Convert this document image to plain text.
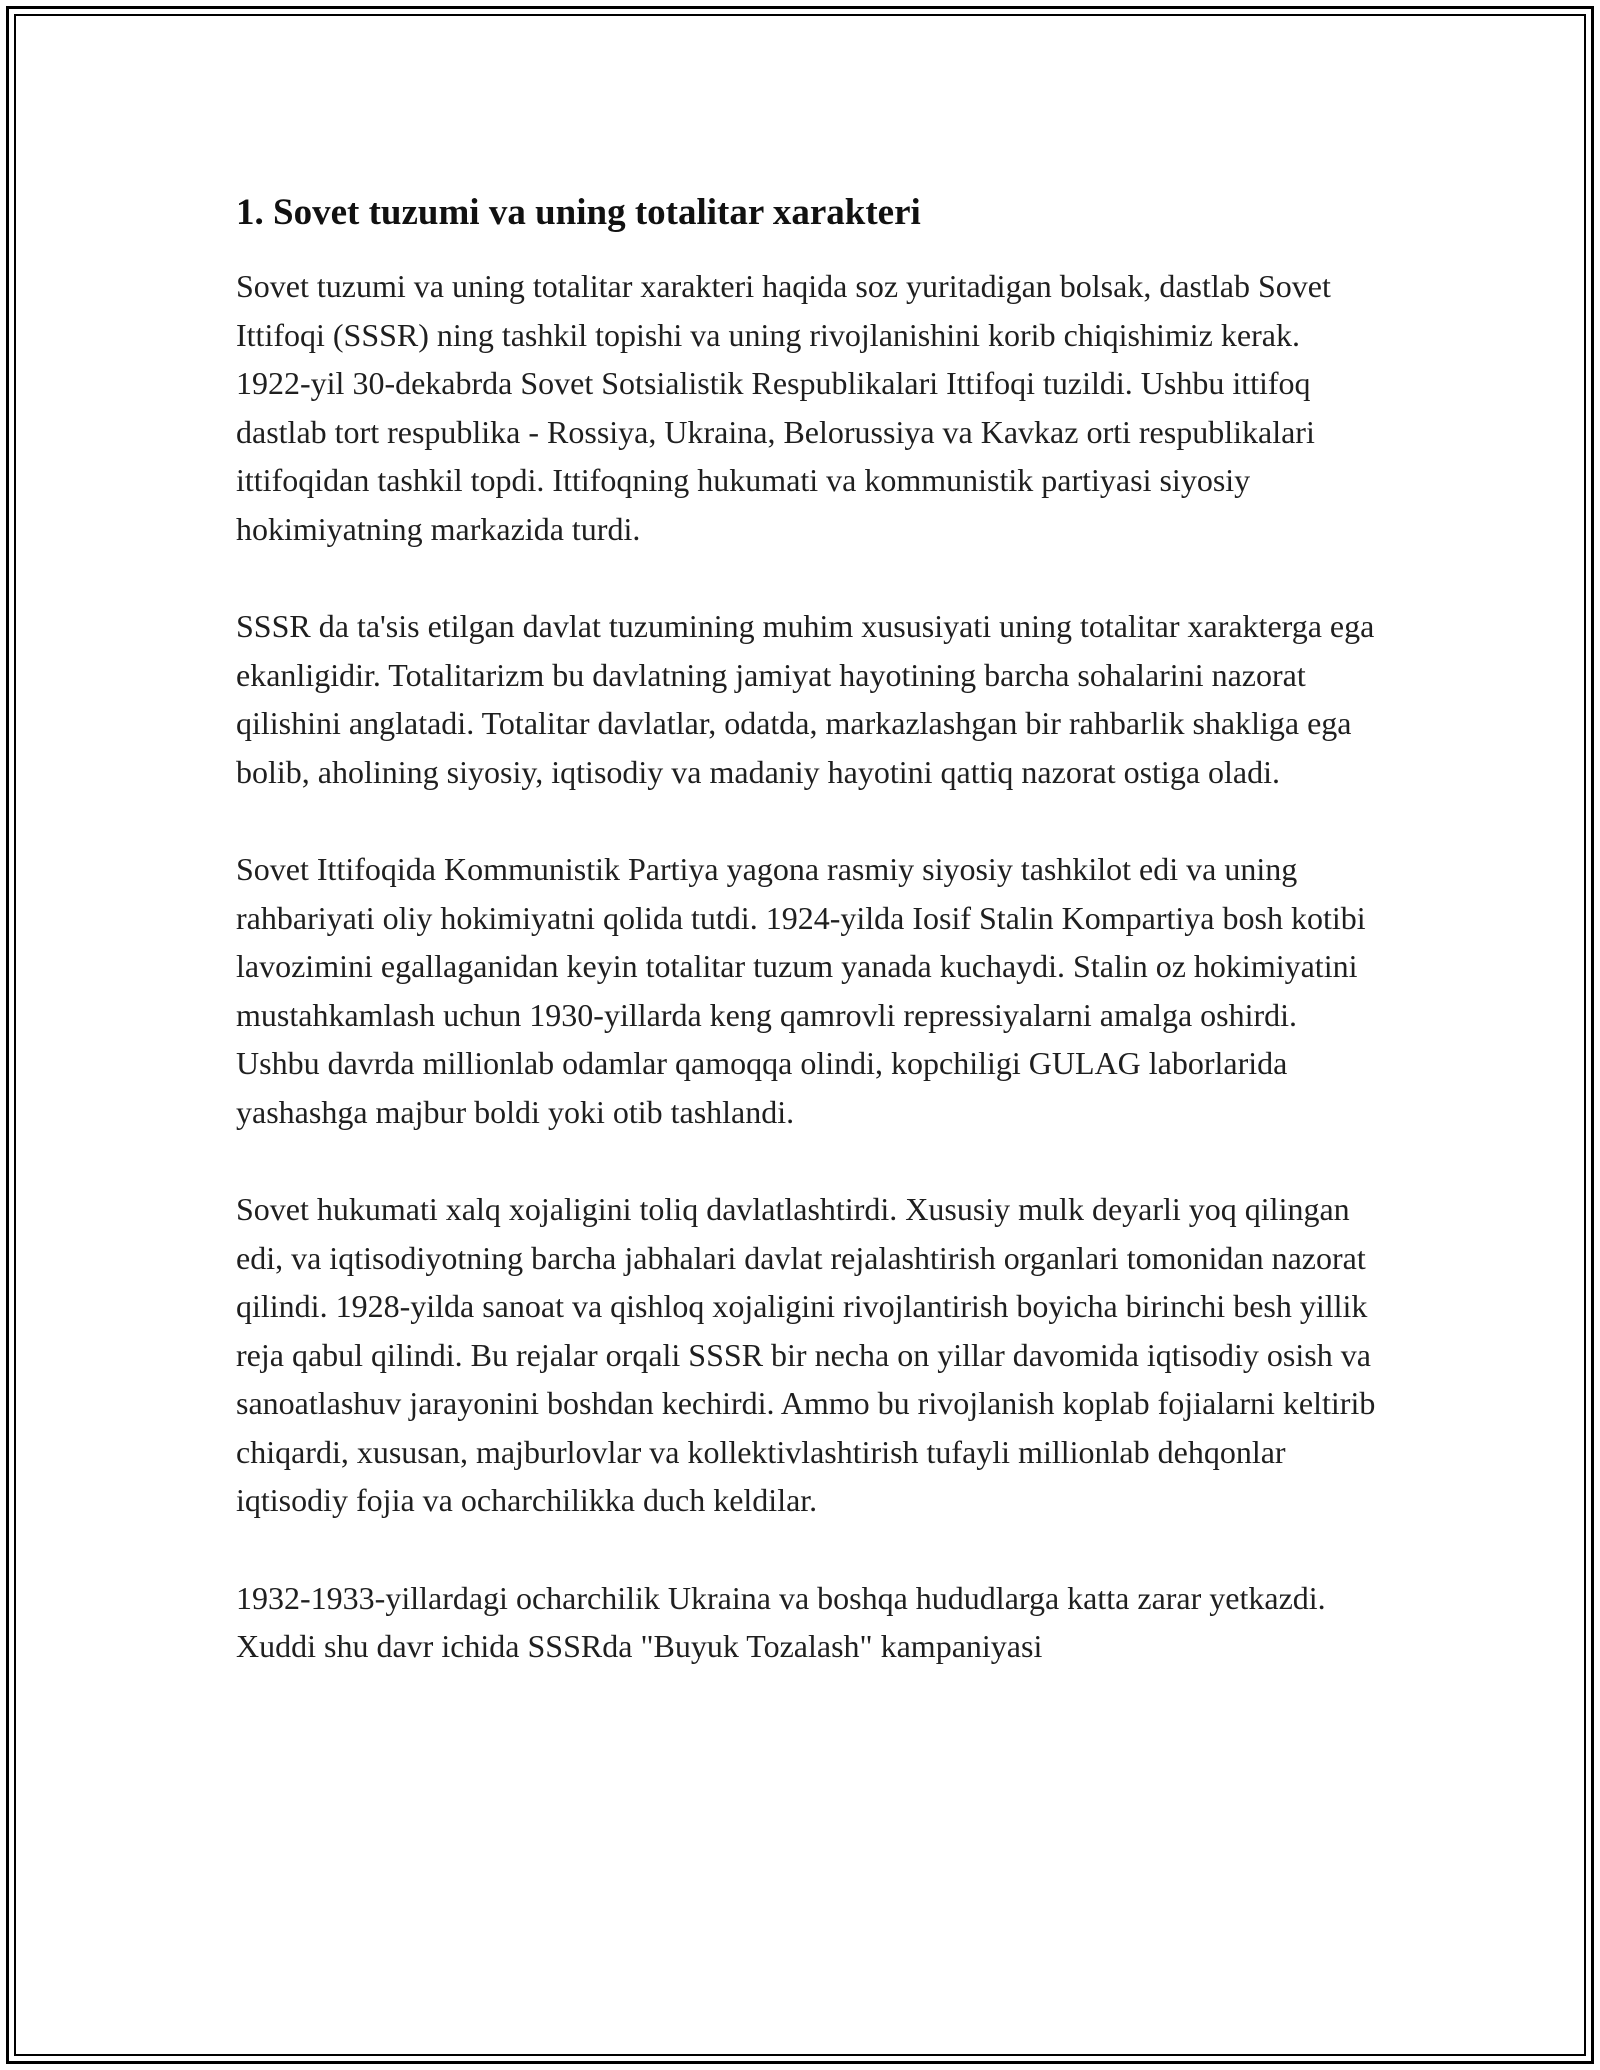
1. Sovet tuzumi va uning totalitar xarakteri

Sovet tuzumi va uning totalitar xarakteri haqida soz yuritadigan bolsak, dastlab Sovet Ittifoqi (SSSR) ning tashkil topishi va uning rivojlanishini korib chiqishimiz kerak. 1922-yil 30-dekabrda Sovet Sotsialistik Respublikalari Ittifoqi tuzildi. Ushbu ittifoq dastlab tort respublika - Rossiya, Ukraina, Belorussiya va Kavkaz orti respublikalari ittifoqidan tashkil topdi. Ittifoqning hukumati va kommunistik partiyasi siyosiy hokimiyatning markazida turdi.

SSSR da ta'sis etilgan davlat tuzumining muhim xususiyati uning totalitar xarakterga ega ekanligidir. Totalitarizm bu davlatning jamiyat hayotining barcha sohalarini nazorat qilishini anglatadi. Totalitar davlatlar, odatda, markazlashgan bir rahbarlik shakliga ega bolib, aholining siyosiy, iqtisodiy va madaniy hayotini qattiq nazorat ostiga oladi.

Sovet Ittifoqida Kommunistik Partiya yagona rasmiy siyosiy tashkilot edi va uning rahbariyati oliy hokimiyatni qolida tutdi. 1924-yilda Iosif Stalin Kompartiya bosh kotibi lavozimini egallaganidan keyin totalitar tuzum yanada kuchaydi. Stalin oz hokimiyatini mustahkamlash uchun 1930-yillarda keng qamrovli repressiyalarni amalga oshirdi. Ushbu davrda millionlab odamlar qamoqqa olindi, kopchiligi GULAG laborlarida yashashga majbur boldi yoki otib tashlandi.

Sovet hukumati xalq xojaligini toliq davlatlashtirdi. Xususiy mulk deyarli yoq qilingan edi, va iqtisodiyotning barcha jabhalari davlat rejalashtirish organlari tomonidan nazorat qilindi. 1928-yilda sanoat va qishloq xojaligini rivojlantirish boyicha birinchi besh yillik reja qabul qilindi. Bu rejalar orqali SSSR bir necha on yillar davomida iqtisodiy osish va sanoatlashuv jarayonini boshdan kechirdi. Ammo bu rivojlanish koplab fojialarni keltirib chiqardi, xususan, majburlovlar va kollektivlashtirish tufayli millionlab dehqonlar iqtisodiy fojia va ocharchilikka duch keldilar.

1932-1933-yillardagi ocharchilik Ukraina va boshqa hududlarga katta zarar yetkazdi. Xuddi shu davr ichida SSSRda "Buyuk Tozalash" kampaniyasi
